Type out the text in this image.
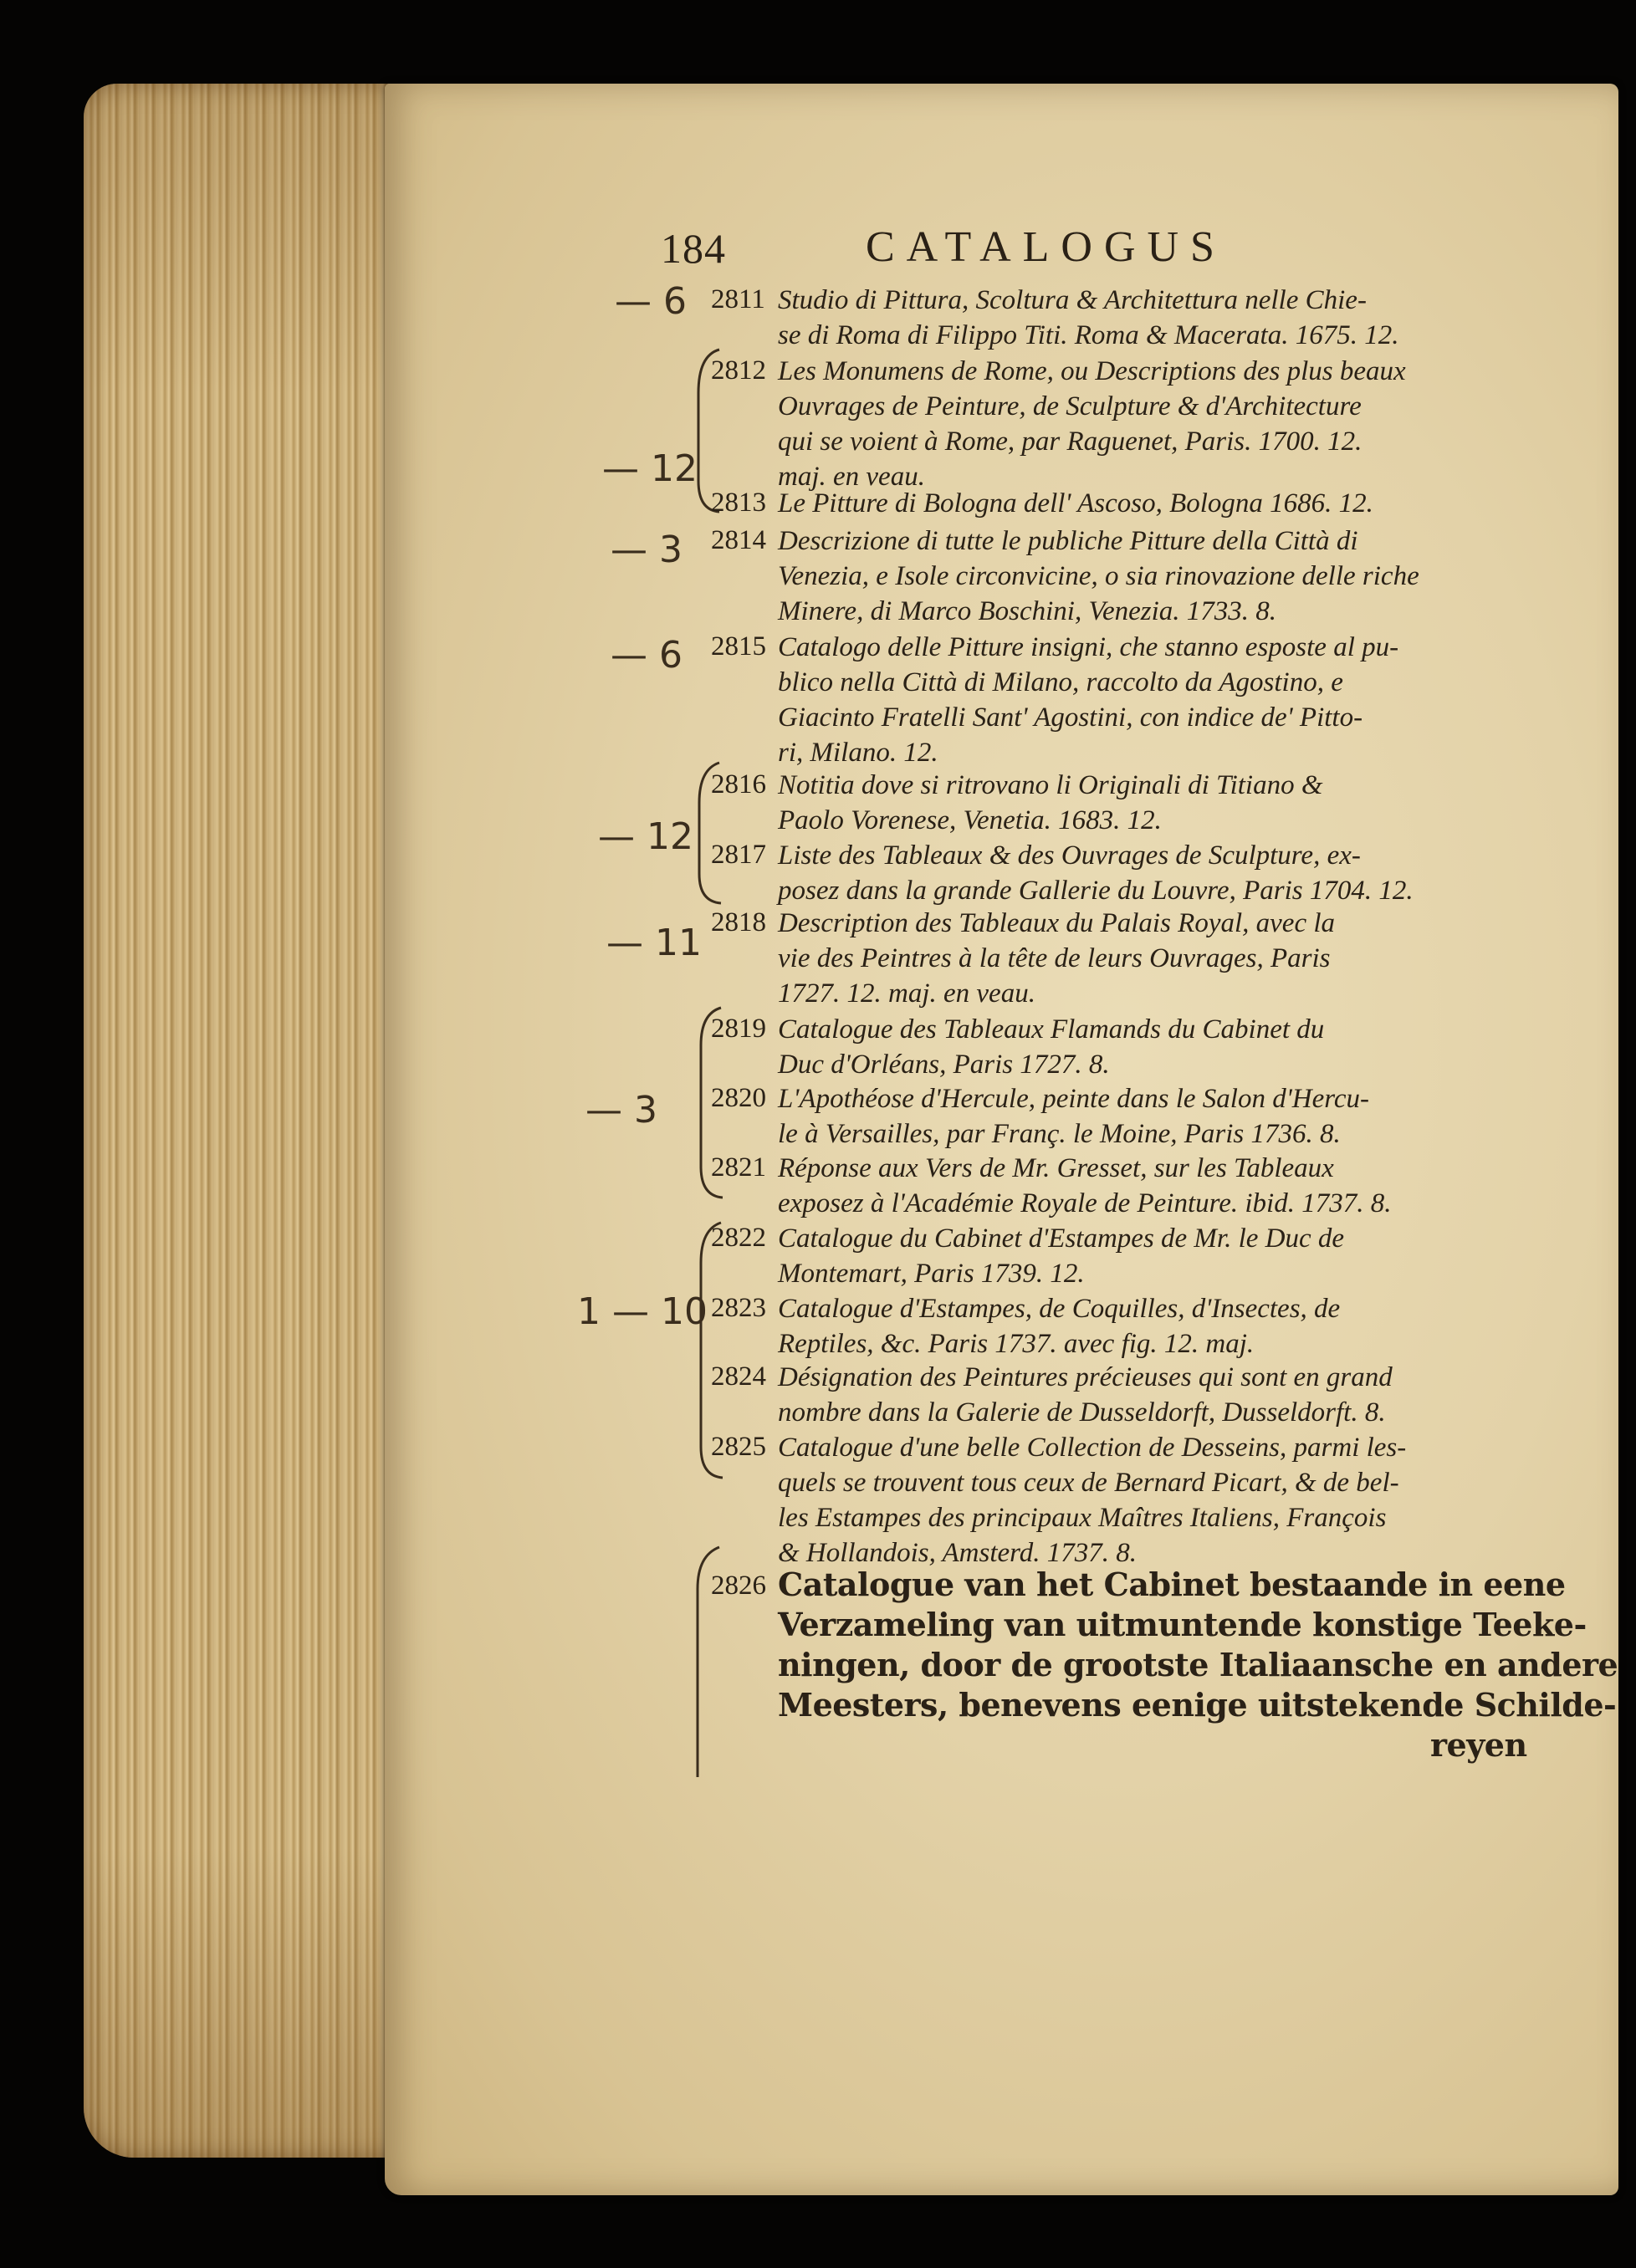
184	CATALOGUS
— 6
— 12
— 3
— 6
— 12
— 11
— 3
1 — 10
2811 Studio di Pittura, Scoltura & Architettura nelle Chie-
se di Roma di Filippo Titi. Roma & Macerata. 1675. 12.
2812 Les Monumens de Rome, ou Descriptions des plus beaux
Ouvrages de Peinture, de Sculpture & d'Architecture
qui se voient à Rome, par Raguenet, Paris. 1700. 12.
maj. en veau.
2813 Le Pitture di Bologna dell' Ascoso, Bologna 1686. 12.
2814 Descrizione di tutte le publiche Pitture della Città di
Venezia, e Isole circonvicine, o sia rinovazione delle riche
Minere, di Marco Boschini, Venezia. 1733. 8.
2815 Catalogo delle Pitture insigni, che stanno esposte al pu-
blico nella Città di Milano, raccolto da Agostino, e
Giacinto Fratelli Sant' Agostini, con indice de' Pitto-
ri, Milano. 12.
2816 Notitia dove si ritrovano li Originali di Titiano &
Paolo Vorenese, Venetia. 1683. 12.
2817 Liste des Tableaux & des Ouvrages de Sculpture, ex-
posez dans la grande Gallerie du Louvre, Paris 1704. 12.
2818 Description des Tableaux du Palais Royal, avec la
vie des Peintres à la tête de leurs Ouvrages, Paris
1727. 12. maj. en veau.
2819 Catalogue des Tableaux Flamands du Cabinet du
Duc d'Orléans, Paris 1727. 8.
2820 L'Apothéose d'Hercule, peinte dans le Salon d'Hercu-
le à Versailles, par Franç. le Moine, Paris 1736. 8.
2821 Réponse aux Vers de Mr. Gresset, sur les Tableaux
exposez à l'Académie Royale de Peinture. ibid. 1737. 8.
2822 Catalogue du Cabinet d'Estampes de Mr. le Duc de
Montemart, Paris 1739. 12.
2823 Catalogue d'Estampes, de Coquilles, d'Insectes, de
Reptiles, &c. Paris 1737. avec fig. 12. maj.
2824 Désignation des Peintures précieuses qui sont en grand
nombre dans la Galerie de Dusseldorft, Dusseldorft. 8.
2825 Catalogue d'une belle Collection de Desseins, parmi les-
quels se trouvent tous ceux de Bernard Picart, & de bel-
les Estampes des principaux Maîtres Italiens, François
& Hollandois, Amsterd. 1737. 8.
2826 Catalogue van het Cabinet bestaande in eene
Verzameling van uitmuntende konstige Teeke-
ningen, door de grootste Italiaansche en andere
Meesters, benevens eenige uitstekende Schilde-
reyen
